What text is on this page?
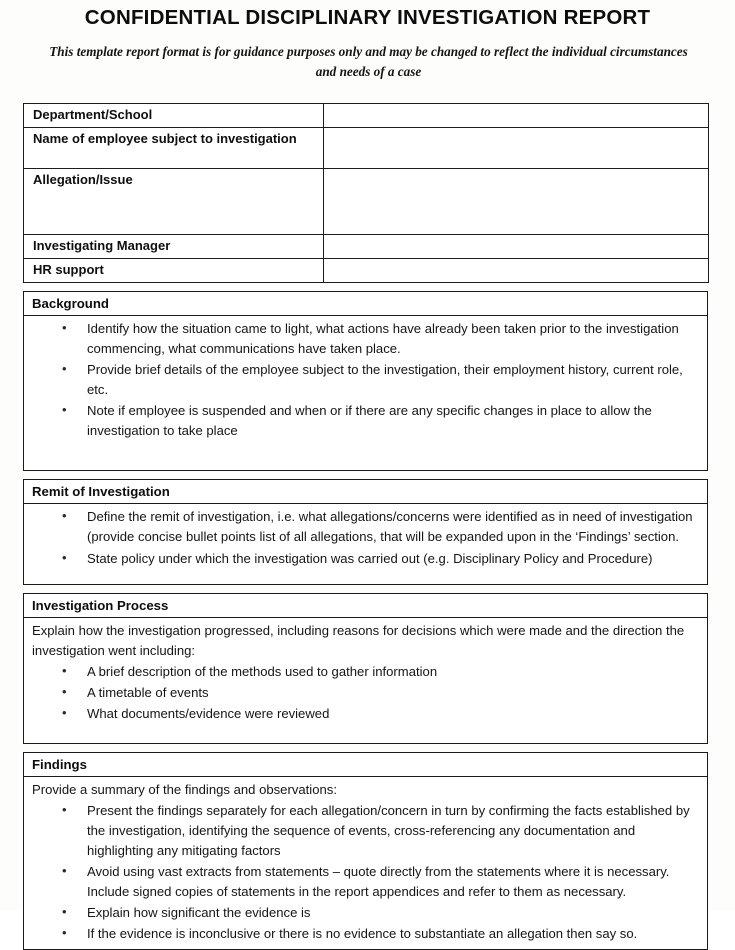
CONFIDENTIAL DISCIPLINARY INVESTIGATION REPORT
This template report format is for guidance purposes only and may be changed to reflect the individual circumstances and needs of a case
Department/School	
Name of employee subject to investigation	
Allegation/Issue	
Investigating Manager	
HR support	
Background
• Identify how the situation came to light, what actions have already been taken prior to the investigation commencing, what communications have taken place.
• Provide brief details of the employee subject to the investigation, their employment history, current role, etc.
• Note if employee is suspended and when or if there are any specific changes in place to allow the investigation to take place
Remit of Investigation
• Define the remit of investigation, i.e. what allegations/concerns were identified as in need of investigation (provide concise bullet points list of all allegations, that will be expanded upon in the ‘Findings’ section.
• State policy under which the investigation was carried out (e.g. Disciplinary Policy and Procedure)
Investigation Process

Explain how the investigation progressed, including reasons for decisions which were made and the direction the investigation went including:

• A brief description of the methods used to gather information
• A timetable of events
• What documents/evidence were reviewed
Findings

Provide a summary of the findings and observations:

• Present the findings separately for each allegation/concern in turn by confirming the facts established by the investigation, identifying the sequence of events, cross-referencing any documentation and highlighting any mitigating factors
• Avoid using vast extracts from statements – quote directly from the statements where it is necessary. Include signed copies of statements in the report appendices and refer to them as necessary.
• Explain how significant the evidence is
• If the evidence is inconclusive or there is no evidence to substantiate an allegation then say so.
